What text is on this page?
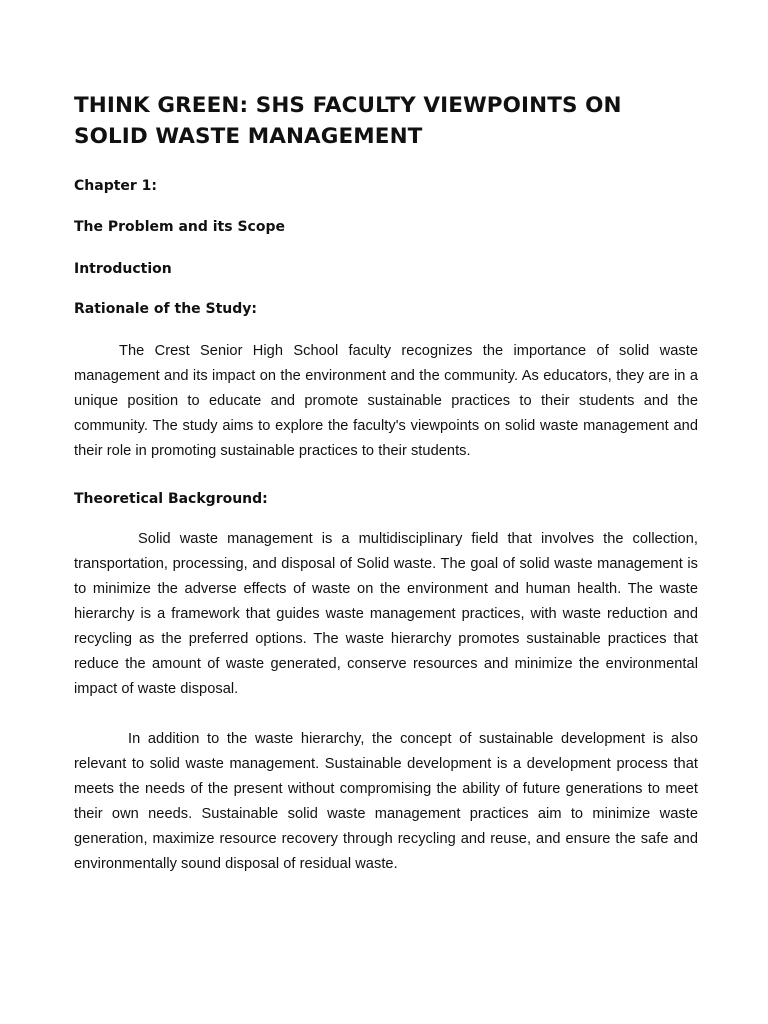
THINK GREEN: SHS FACULTY VIEWPOINTS ON SOLID WASTE MANAGEMENT

Chapter 1:

The Problem and its Scope

Introduction

Rationale of the Study:

The Crest Senior High School faculty recognizes the importance of solid waste management and its impact on the environment and the community. As educators, they are in a unique position to educate and promote sustainable practices to their students and the community. The study aims to explore the faculty's viewpoints on solid waste management and their role in promoting sustainable practices to their students.

Theoretical Background:

Solid waste management is a multidisciplinary field that involves the collection, transportation, processing, and disposal of Solid waste. The goal of solid waste management is to minimize the adverse effects of waste on the environment and human health. The waste hierarchy is a framework that guides waste management practices, with waste reduction and recycling as the preferred options. The waste hierarchy promotes sustainable practices that reduce the amount of waste generated, conserve resources and minimize the environmental impact of waste disposal.

In addition to the waste hierarchy, the concept of sustainable development is also relevant to solid waste management. Sustainable development is a development process that meets the needs of the present without compromising the ability of future generations to meet their own needs. Sustainable solid waste management practices aim to minimize waste generation, maximize resource recovery through recycling and reuse, and ensure the safe and environmentally sound disposal of residual waste.
